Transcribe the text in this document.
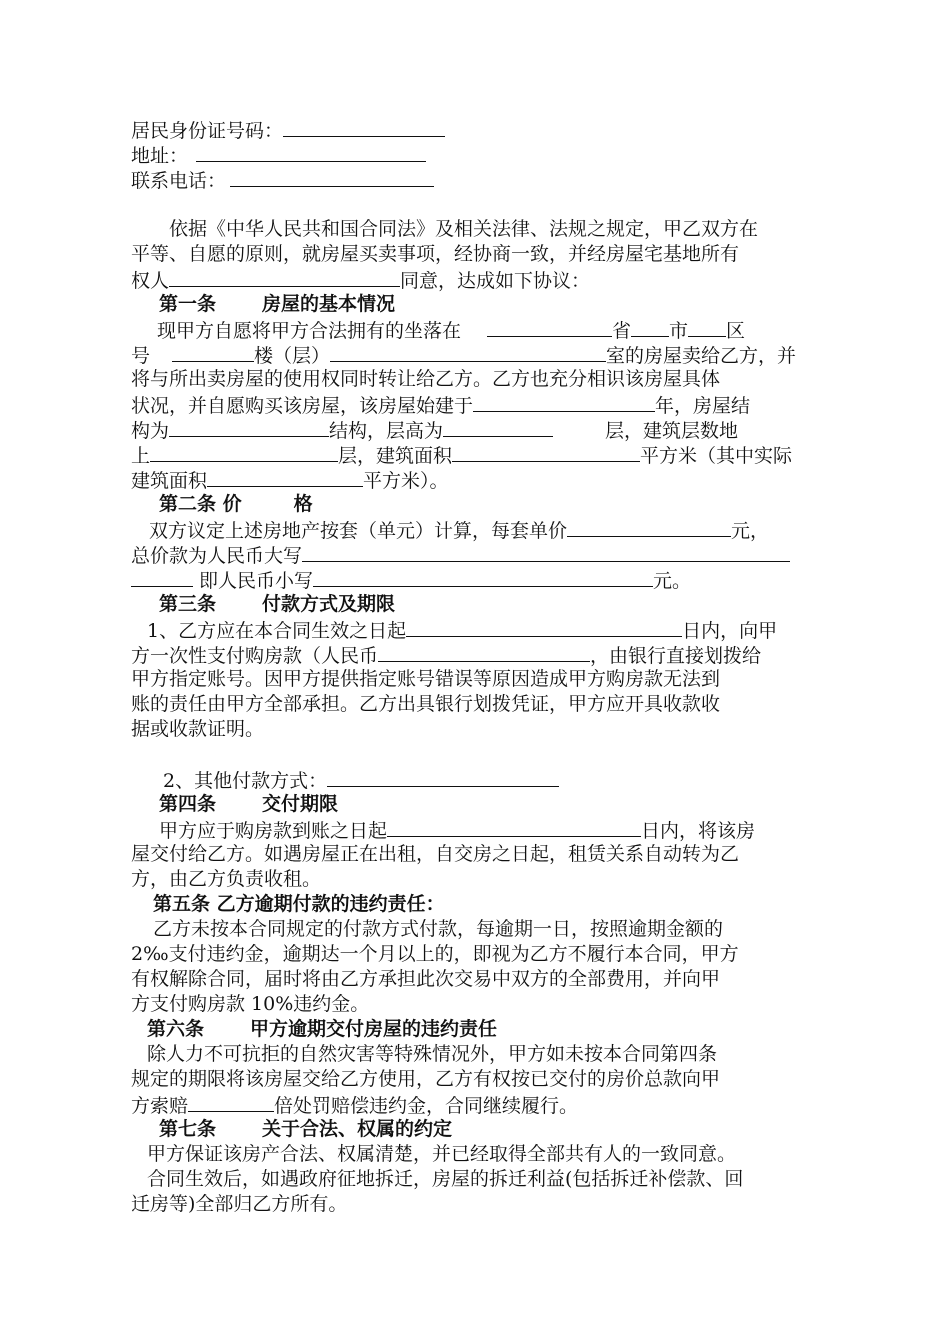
居民身份证号码：
地址：
联系电话：
依据《中华人民共和国合同法》及相关法律、法规之规定，甲乙双方在
平等、自愿的原则，就房屋买卖事项，经协商一致，并经房屋宅基地所有
权人	同意，达成如下协议：
第一条 房屋的基本情况
现甲方自愿将甲方合法拥有的坐落在	省 市 区
号	楼（层）	室的房屋卖给乙方，并
将与所出卖房屋的使用权同时转让给乙方。乙方也充分相识该房屋具体
状况，并自愿购买该房屋，该房屋始建于	年，房屋结
构为	结构，层高为	层，建筑层数地
上	层，建筑面积	平方米（其中实际
建筑面积	平方米）。
第二条 价	格
双方议定上述房地产按套（单元）计算，每套单价	元，
总价款为人民币大写
即人民币小写	元。
第三条 付款方式及期限
1、乙方应在本合同生效之日起	日内，向甲
方一次性支付购房款（人民币	，由银行直接划拨给
甲方指定账号。因甲方提供指定账号错误等原因造成甲方购房款无法到
账的责任由甲方全部承担。乙方出具银行划拨凭证，甲方应开具收款收
据或收款证明。
2、其他付款方式：
第四条 交付期限
甲方应于购房款到账之日起	日内，将该房
屋交付给乙方。如遇房屋正在出租，自交房之日起，租赁关系自动转为乙
方，由乙方负责收租。
第五条 乙方逾期付款的违约责任：
乙方未按本合同规定的付款方式付款，每逾期一日，按照逾期金额的
2‰支付违约金，逾期达一个月以上的，即视为乙方不履行本合同，甲方
有权解除合同，届时将由乙方承担此次交易中双方的全部费用，并向甲
方支付购房款 10%违约金。
第六条 甲方逾期交付房屋的违约责任
除人力不可抗拒的自然灾害等特殊情况外，甲方如未按本合同第四条
规定的期限将该房屋交给乙方使用，乙方有权按已交付的房价总款向甲
方索赔	倍处罚赔偿违约金，合同继续履行。
第七条 关于合法、权属的约定
甲方保证该房产合法、权属清楚，并已经取得全部共有人的一致同意。
合同生效后，如遇政府征地拆迁，房屋的拆迁利益(包括拆迁补偿款、回
迁房等)全部归乙方所有。
